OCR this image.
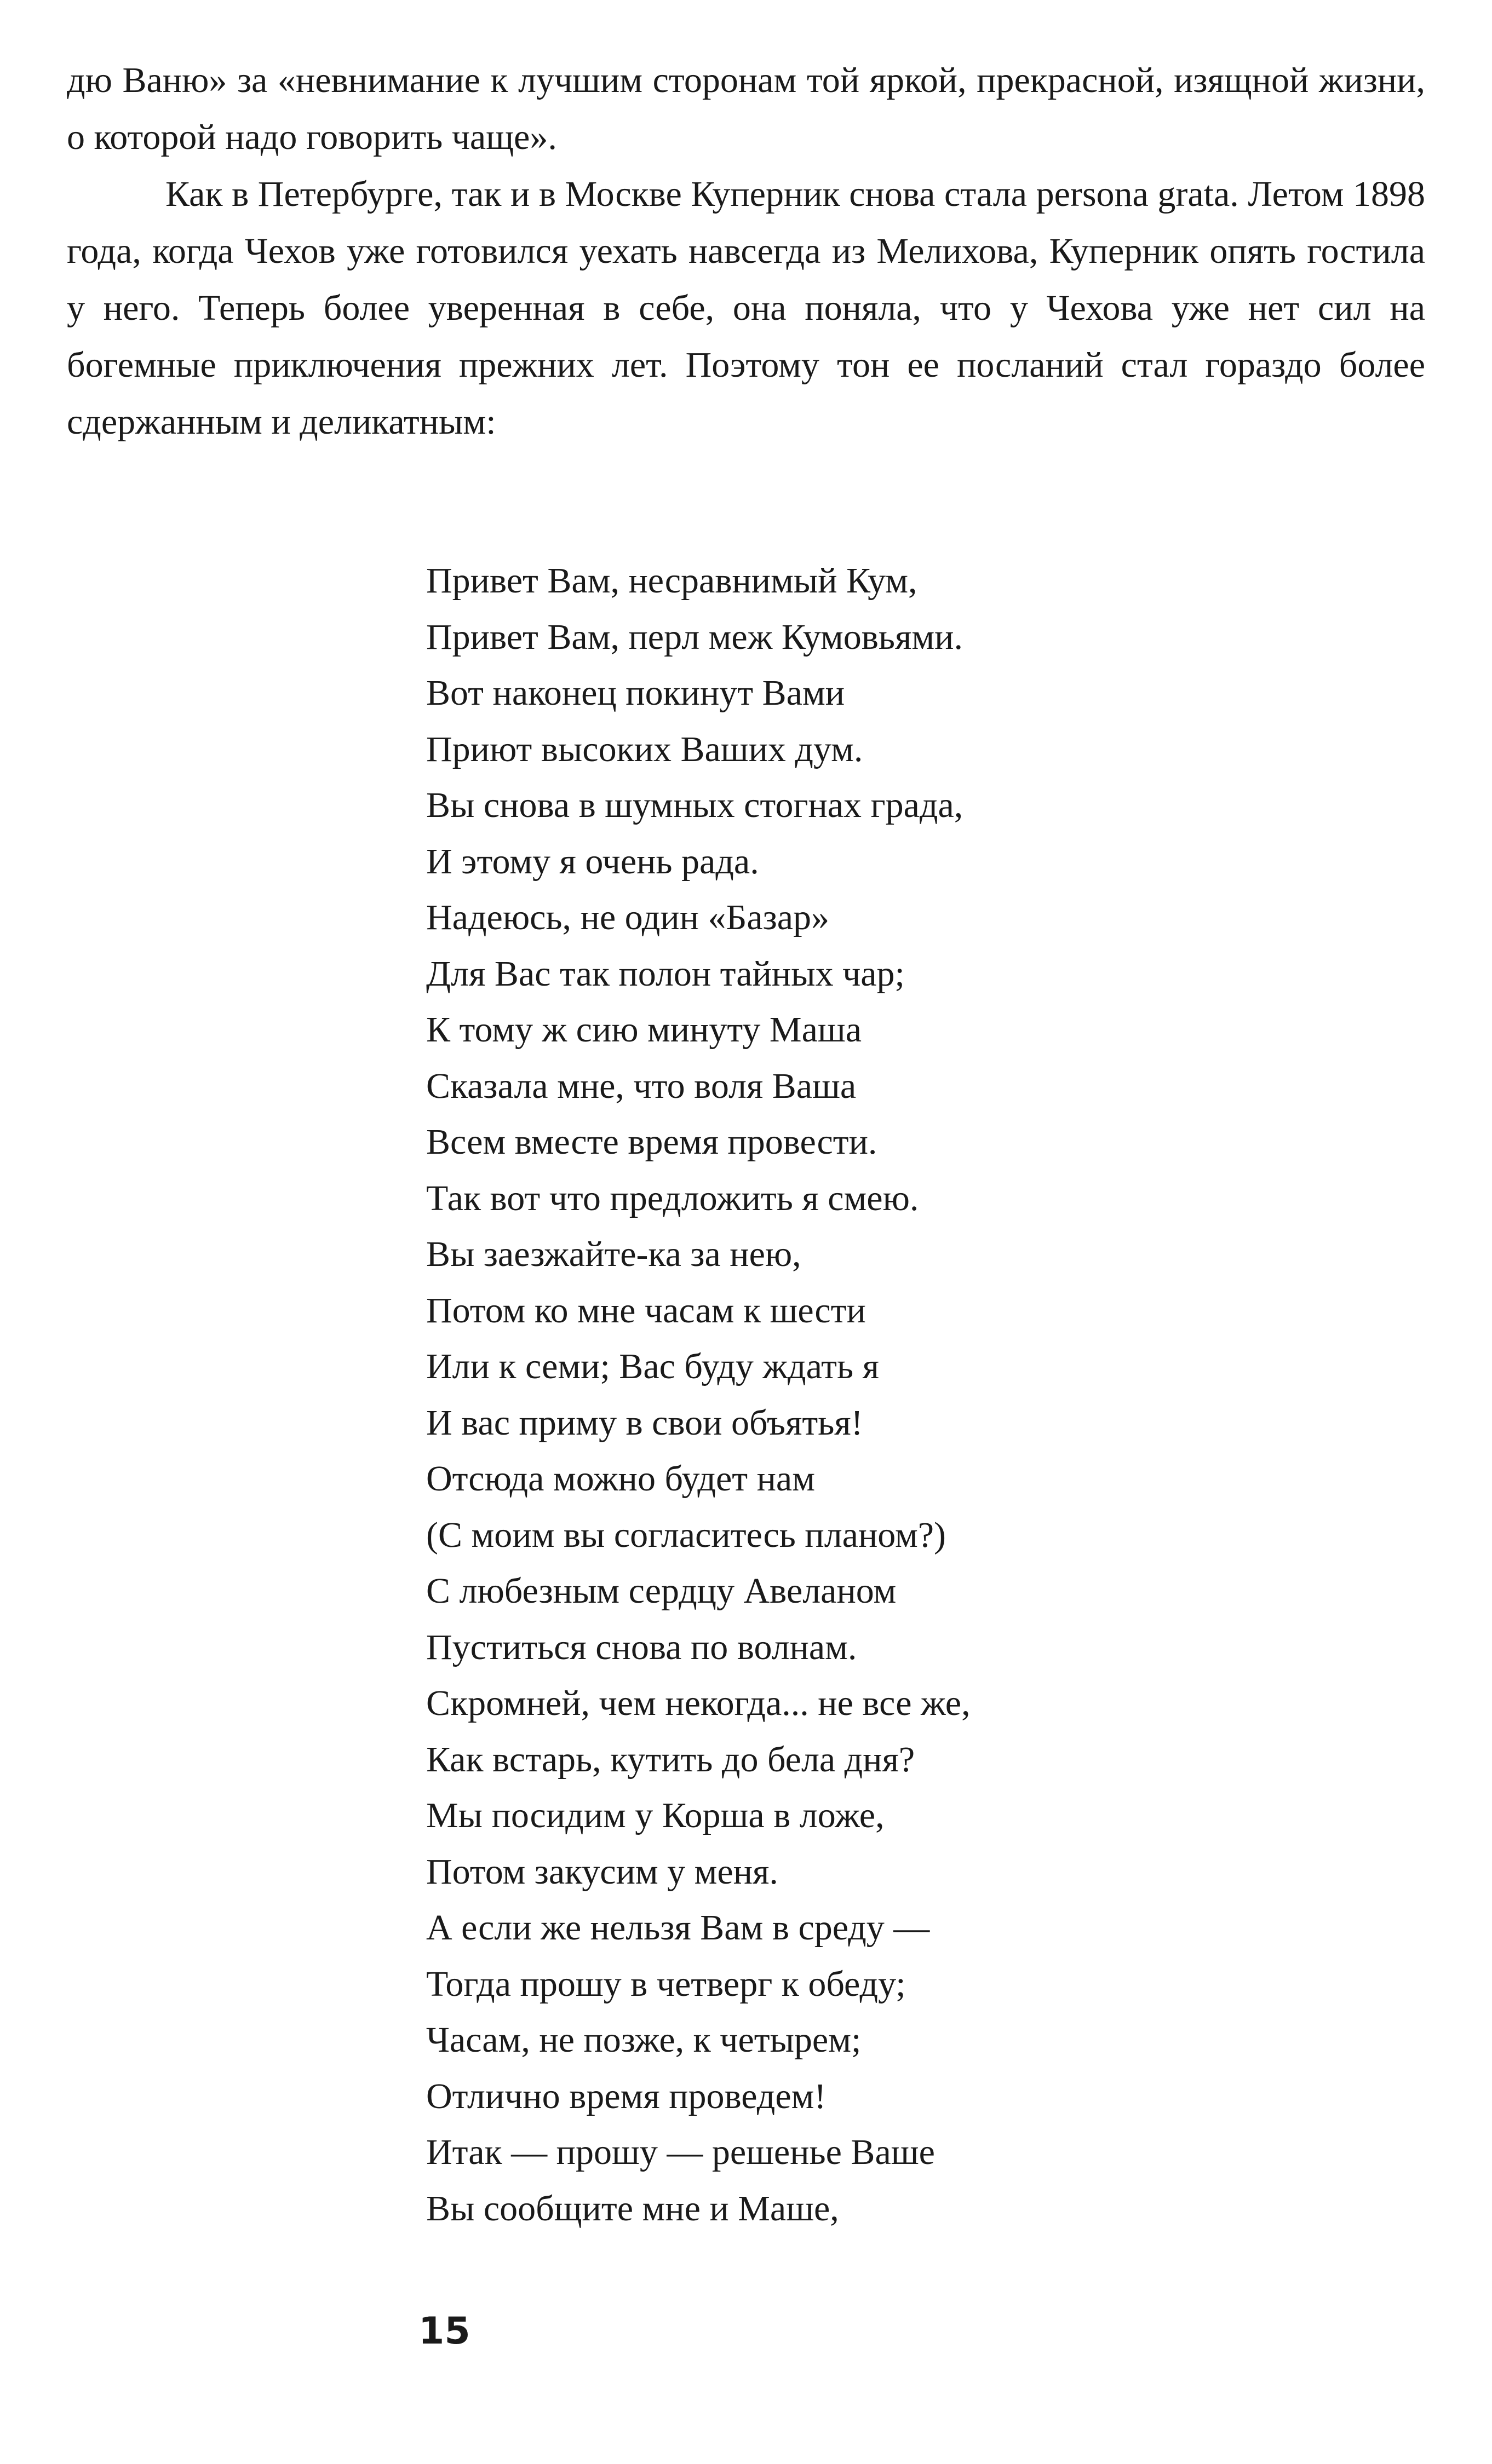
дю Ваню» за «невнимание к лучшим сторонам той яркой, прекрасной, изящной жизни, о которой надо говорить чаще».

Как в Петербурге, так и в Москве Куперник снова стала persona grata. Летом 1898 года, когда Чехов уже готовился уехать навсегда из Мелихова, Куперник опять гостила у него. Теперь более уверенная в себе, она поняла, что у Чехова уже нет сил на богемные приключения прежних лет. Поэтому тон ее посланий стал гораздо более сдержанным и деликатным:

Привет Вам, несравнимый Кум,
Привет Вам, перл меж Кумовьями.
Вот наконец покинут Вами
Приют высоких Ваших дум.
Вы снова в шумных стогнах града,
И этому я очень рада.
Надеюсь, не один «Базар»
Для Вас так полон тайных чар;
К тому ж сию минуту Маша
Сказала мне, что воля Ваша
Всем вместе время провести.
Так вот что предложить я смею.
Вы заезжайте-ка за нею,
Потом ко мне часам к шести
Или к семи; Вас буду ждать я
И вас приму в свои объятья!
Отсюда можно будет нам
(С моим вы согласитесь планом?)
С любезным сердцу Авеланом
Пуститься снова по волнам.
Скромней, чем некогда... не все же,
Как встарь, кутить до бела дня?
Мы посидим у Корша в ложе,
Потом закусим у меня.
А если же нельзя Вам в среду —
Тогда прошу в четверг к обеду;
Часам, не позже, к четырем;
Отлично время проведем!
Итак — прошу — решенье Ваше
Вы сообщите мне и Маше,
15
